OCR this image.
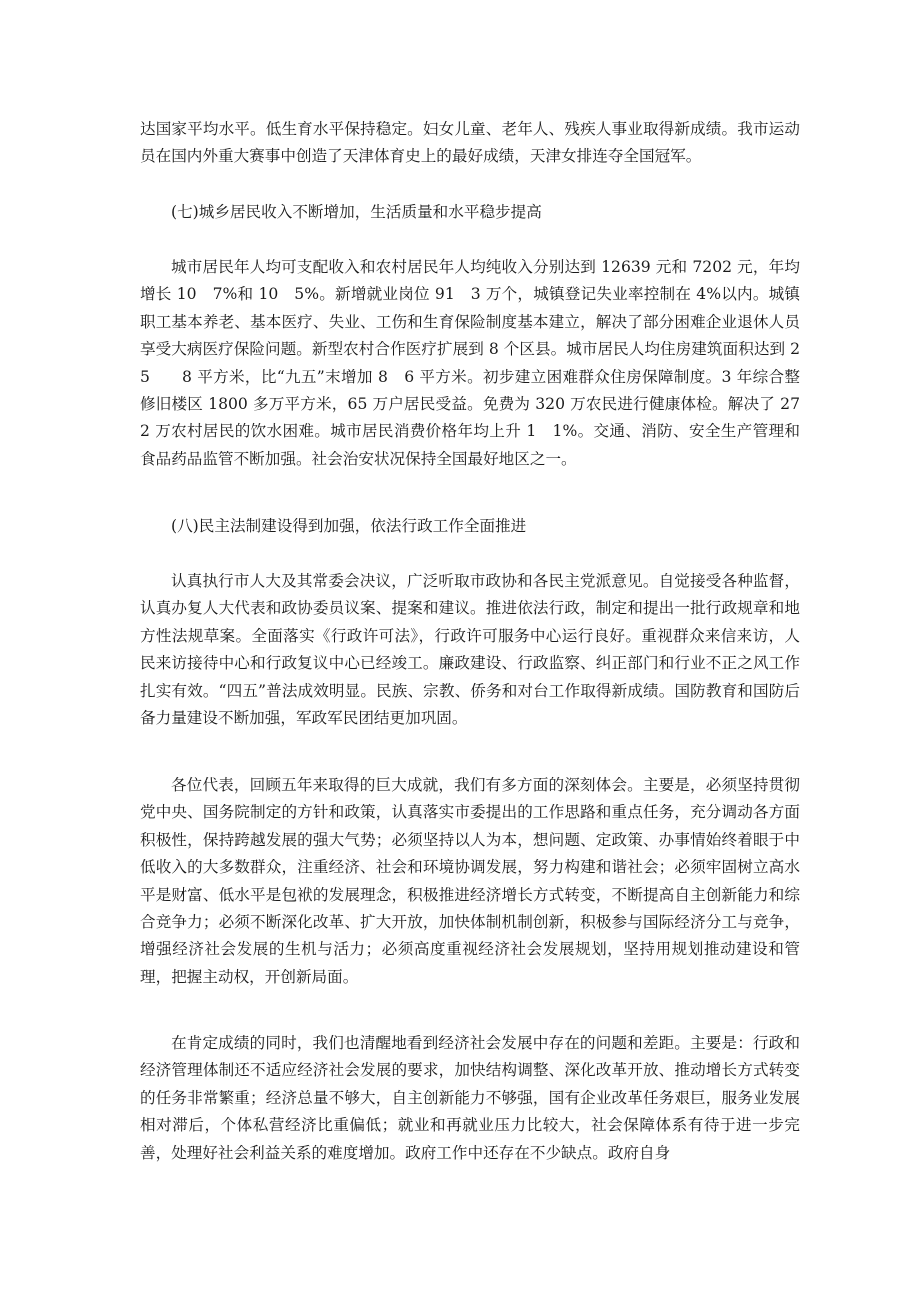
达国家平均水平。低生育水平保持稳定。妇女儿童、老年人、残疾人事业取得新成绩。我市运动员在国内外重大赛事中创造了天津体育史上的最好成绩，天津女排连夺全国冠军。

(七)城乡居民收入不断增加，生活质量和水平稳步提高

城市居民年人均可支配收入和农村居民年人均纯收入分别达到 12639 元和 7202 元，年均增长 10　7%和 10　5%。新增就业岗位 91　3 万个，城镇登记失业率控制在 4%以内。城镇职工基本养老、基本医疗、失业、工伤和生育保险制度基本建立，解决了部分困难企业退休人员享受大病医疗保险问题。新型农村合作医疗扩展到 8 个区县。城市居民人均住房建筑面积达到 25　　8 平方米，比“九五”末增加 8　6 平方米。初步建立困难群众住房保障制度。3 年综合整修旧楼区 1800 多万平方米，65 万户居民受益。免费为 320 万农民进行健康体检。解决了 272 万农村居民的饮水困难。城市居民消费价格年均上升 1　1%。交通、消防、安全生产管理和食品药品监管不断加强。社会治安状况保持全国最好地区之一。

(八)民主法制建设得到加强，依法行政工作全面推进

认真执行市人大及其常委会决议，广泛听取市政协和各民主党派意见。自觉接受各种监督，认真办复人大代表和政协委员议案、提案和建议。推进依法行政，制定和提出一批行政规章和地方性法规草案。全面落实《行政许可法》，行政许可服务中心运行良好。重视群众来信来访，人民来访接待中心和行政复议中心已经竣工。廉政建设、行政监察、纠正部门和行业不正之风工作扎实有效。“四五”普法成效明显。民族、宗教、侨务和对台工作取得新成绩。国防教育和国防后备力量建设不断加强，军政军民团结更加巩固。

各位代表，回顾五年来取得的巨大成就，我们有多方面的深刻体会。主要是，必须坚持贯彻党中央、国务院制定的方针和政策，认真落实市委提出的工作思路和重点任务，充分调动各方面积极性，保持跨越发展的强大气势；必须坚持以人为本，想问题、定政策、办事情始终着眼于中低收入的大多数群众，注重经济、社会和环境协调发展，努力构建和谐社会；必须牢固树立高水平是财富、低水平是包袱的发展理念，积极推进经济增长方式转变，不断提高自主创新能力和综合竞争力；必须不断深化改革、扩大开放，加快体制机制创新，积极参与国际经济分工与竞争，增强经济社会发展的生机与活力；必须高度重视经济社会发展规划，坚持用规划推动建设和管理，把握主动权，开创新局面。

在肯定成绩的同时，我们也清醒地看到经济社会发展中存在的问题和差距。主要是：行政和经济管理体制还不适应经济社会发展的要求，加快结构调整、深化改革开放、推动增长方式转变的任务非常繁重；经济总量不够大，自主创新能力不够强，国有企业改革任务艰巨，服务业发展相对滞后，个体私营经济比重偏低；就业和再就业压力比较大，社会保障体系有待于进一步完善，处理好社会利益关系的难度增加。政府工作中还存在不少缺点。政府自身
